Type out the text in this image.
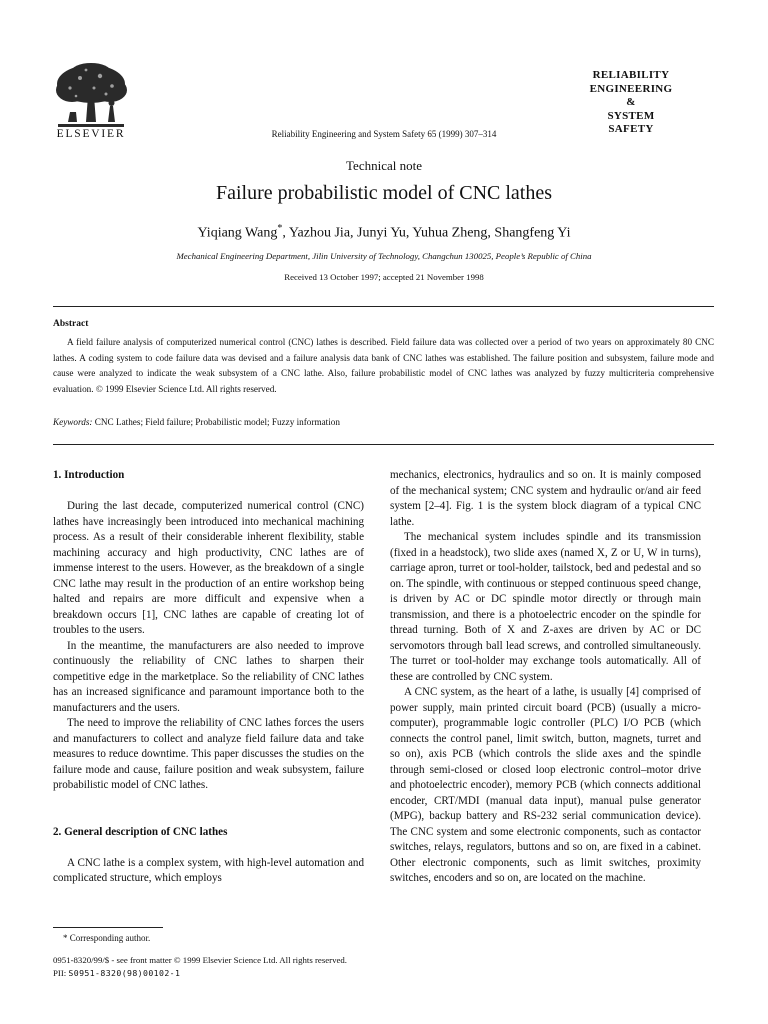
ELSEVIER	Reliability Engineering and System Safety 65 (1999) 307–314
RELIABILITY
ENGINEERING
&
SYSTEM
SAFETY
Technical note
Failure probabilistic model of CNC lathes
Yiqiang Wang*, Yazhou Jia, Junyi Yu, Yuhua Zheng, Shangfeng Yi
Mechanical Engineering Department, Jilin University of Technology, Changchun 130025, People’s Republic of China
Received 13 October 1997; accepted 21 November 1998
Abstract

A field failure analysis of computerized numerical control (CNC) lathes is described. Field failure data was collected over a period of two years on approximately 80 CNC lathes. A coding system to code failure data was devised and a failure analysis data bank of CNC lathes was established. The failure position and subsystem, failure mode and cause were analyzed to indicate the weak subsystem of a CNC lathe. Also, failure probabilistic model of CNC lathes was analyzed by fuzzy multicriteria comprehensive evaluation. © 1999 Elsevier Science Ltd. All rights reserved.

Keywords: CNC Lathes; Field failure; Probabilistic model; Fuzzy information
1. Introduction

During the last decade, computerized numerical control (CNC) lathes have increasingly been introduced into mechanical machining process. As a result of their considerable inherent flexibility, stable machining accuracy and high productivity, CNC lathes are of immense interest to the users. However, as the breakdown of a single CNC lathe may result in the production of an entire workshop being halted and repairs are more difficult and expensive when a breakdown occurs [1], CNC lathes are capable of creating lot of troubles to the users.

In the meantime, the manufacturers are also needed to improve continuously the reliability of CNC lathes to sharpen their competitive edge in the marketplace. So the reliability of CNC lathes has an increased significance and paramount importance both to the manufacturers and the users.

The need to improve the reliability of CNC lathes forces the users and manufacturers to collect and analyze field failure data and take measures to reduce downtime. This paper discusses the studies on the failure mode and cause, failure position and weak subsystem, failure probabilistic model of CNC lathes.

2. General description of CNC lathes

A CNC lathe is a complex system, with high-level automation and complicated structure, which employs

mechanics, electronics, hydraulics and so on. It is mainly composed of the mechanical system; CNC system and hydraulic or/and air feed system [2–4]. Fig. 1 is the system block diagram of a typical CNC lathe.

The mechanical system includes spindle and its transmission (fixed in a headstock), two slide axes (named X, Z or U, W in turns), carriage apron, turret or tool-holder, tailstock, bed and pedestal and so on. The spindle, with continuous or stepped continuous speed change, is driven by AC or DC spindle motor directly or through main transmission, and there is a photoelectric encoder on the spindle for thread turning. Both of X and Z-axes are driven by AC or DC servomotors through ball lead screws, and controlled simultaneously. The turret or tool-holder may exchange tools automatically. All of these are controlled by CNC system.

A CNC system, as the heart of a lathe, is usually [4] comprised of power supply, main printed circuit board (PCB) (usually a micro-computer), programmable logic controller (PLC) I/O PCB (which connects the control panel, limit switch, button, magnets, turret and so on), axis PCB (which controls the slide axes and the spindle through semi-closed or closed loop electronic control–motor drive and photoelectric encoder), memory PCB (which connects additional encoder, CRT/MDI (manual data input), manual pulse generator (MPG), backup battery and RS-232 serial communication device). The CNC system and some electronic components, such as contactor switches, relays, regulators, buttons and so on, are fixed in a cabinet. Other electronic components, such as limit switches, proximity switches, encoders and so on, are located on the machine.

* Corresponding author.
0951-8320/99/$ - see front matter © 1999 Elsevier Science Ltd. All rights reserved.
PII: S0951-8320(98)00102-1
